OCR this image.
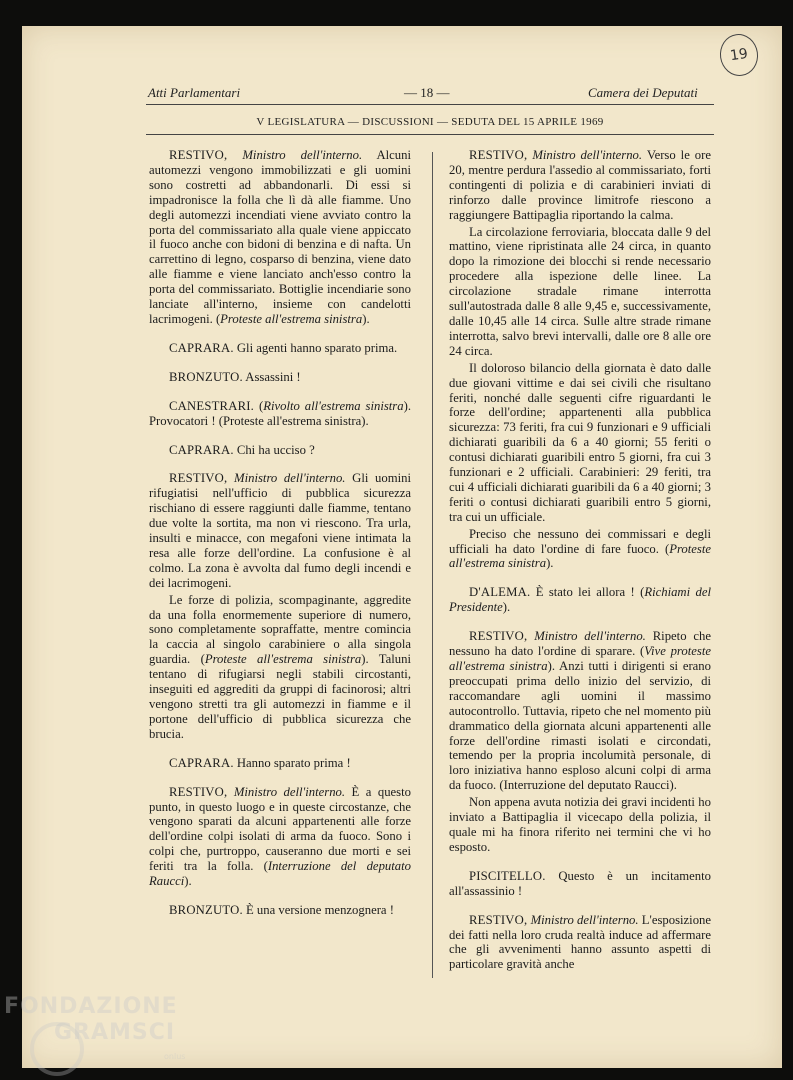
19
Atti Parlamentari	— 18 —	Camera dei Deputati
V LEGISLATURA — DISCUSSIONI — SEDUTA DEL 15 APRILE 1969

RESTIVO, Ministro dell'interno. Alcuni automezzi vengono immobilizzati e gli uomini sono costretti ad abbandonarli. Di essi si impadronisce la folla che lì dà alle fiamme. Uno degli automezzi incendiati viene avviato contro la porta del commissariato alla quale viene appiccato il fuoco anche con bidoni di benzina e di nafta. Un carrettino di legno, cosparso di benzina, viene dato alle fiamme e viene lanciato anch'esso contro la porta del commissariato. Bottiglie incendiarie sono lanciate all'interno, insieme con candelotti lacrimogeni. (Proteste all'estrema sinistra).

CAPRARA. Gli agenti hanno sparato prima.

BRONZUTO. Assassini !

CANESTRARI. (Rivolto all'estrema sinistra). Provocatori ! (Proteste all'estrema sinistra).

CAPRARA. Chi ha ucciso ?

RESTIVO, Ministro dell'interno. Gli uomini rifugiatisi nell'ufficio di pubblica sicurezza rischiano di essere raggiunti dalle fiamme, tentano due volte la sortita, ma non vi riescono. Tra urla, insulti e minacce, con megafoni viene intimata la resa alle forze dell'ordine. La confusione è al colmo. La zona è avvolta dal fumo degli incendi e dei lacrimogeni.

Le forze di polizia, scompaginante, aggredite da una folla enormemente superiore di numero, sono completamente sopraffatte, mentre comincia la caccia al singolo carabiniere o alla singola guardia. (Proteste all'estrema sinistra). Taluni tentano di rifugiarsi negli stabili circostanti, inseguiti ed aggrediti da gruppi di facinorosi; altri vengono stretti tra gli automezzi in fiamme e il portone dell'ufficio di pubblica sicurezza che brucia.

CAPRARA. Hanno sparato prima !

RESTIVO, Ministro dell'interno. È a questo punto, in questo luogo e in queste circostanze, che vengono sparati da alcuni appartenenti alle forze dell'ordine colpi isolati di arma da fuoco. Sono i colpi che, purtroppo, causeranno due morti e sei feriti tra la folla. (Interruzione del deputato Raucci).

BRONZUTO. È una versione menzognera !

RESTIVO, Ministro dell'interno. Verso le ore 20, mentre perdura l'assedio al commissariato, forti contingenti di polizia e di carabinieri inviati di rinforzo dalle province limitrofe riescono a raggiungere Battipaglia riportando la calma.

La circolazione ferroviaria, bloccata dalle 9 del mattino, viene ripristinata alle 24 circa, in quanto dopo la rimozione dei blocchi si rende necessario procedere alla ispezione delle linee. La circolazione stradale rimane interrotta sull'autostrada dalle 8 alle 9,45 e, successivamente, dalle 10,45 alle 14 circa. Sulle altre strade rimane interrotta, salvo brevi intervalli, dalle ore 8 alle ore 24 circa.

Il doloroso bilancio della giornata è dato dalle due giovani vittime e dai sei civili che risultano feriti, nonché dalle seguenti cifre riguardanti le forze dell'ordine; appartenenti alla pubblica sicurezza: 73 feriti, fra cui 9 funzionari e 9 ufficiali dichiarati guaribili da 6 a 40 giorni; 55 feriti o contusi dichiarati guaribili entro 5 giorni, fra cui 3 funzionari e 2 ufficiali. Carabinieri: 29 feriti, tra cui 4 ufficiali dichiarati guaribili da 6 a 40 giorni; 3 feriti o contusi dichiarati guaribili entro 5 giorni, tra cui un ufficiale.

Preciso che nessuno dei commissari e degli ufficiali ha dato l'ordine di fare fuoco. (Proteste all'estrema sinistra).

D'ALEMA. È stato lei allora ! (Richiami del Presidente).

RESTIVO, Ministro dell'interno. Ripeto che nessuno ha dato l'ordine di sparare. (Vive proteste all'estrema sinistra). Anzi tutti i dirigenti si erano preoccupati prima dello inizio del servizio, di raccomandare agli uomini il massimo autocontrollo. Tuttavia, ripeto che nel momento più drammatico della giornata alcuni appartenenti alle forze dell'ordine rimasti isolati e circondati, temendo per la propria incolumità personale, di loro iniziativa hanno esploso alcuni colpi di arma da fuoco. (Interruzione del deputato Raucci).

Non appena avuta notizia dei gravi incidenti ho inviato a Battipaglia il vicecapo della polizia, il quale mi ha finora riferito nei termini che vi ho esposto.

PISCITELLO. Questo è un incitamento all'assassinio !

RESTIVO, Ministro dell'interno. L'esposizione dei fatti nella loro cruda realtà induce ad affermare che gli avvenimenti hanno assunto aspetti di particolare gravità anche

FONDAZIONE
GRAMSCI
onlus
